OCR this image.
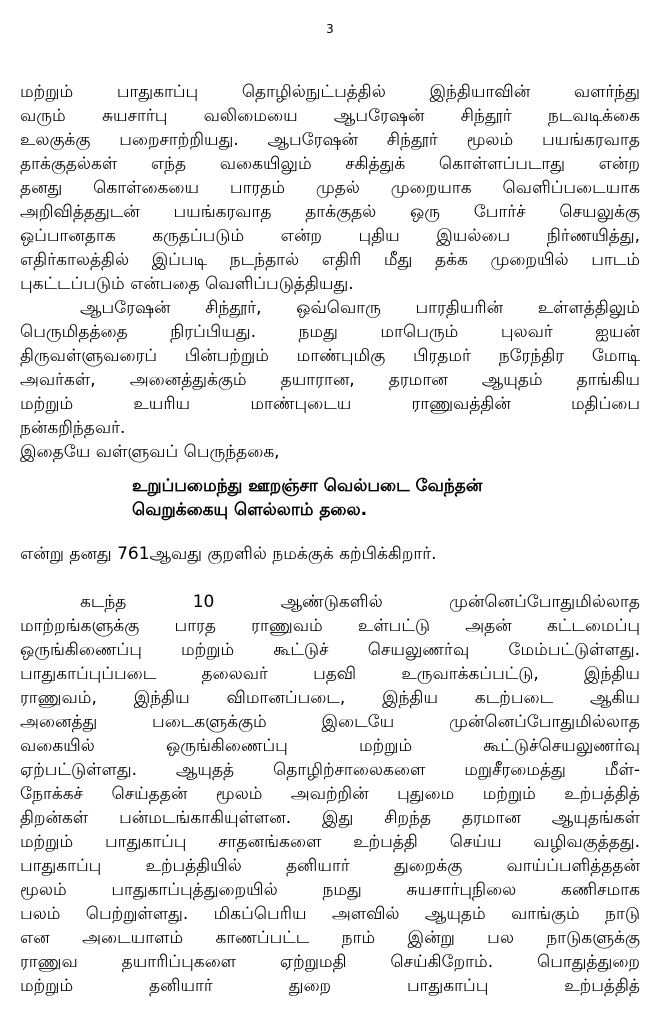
3
மற்றும் பாதுகாப்பு தொழில்நுட்பத்தில் இந்தியாவின் வளர்ந்து
வரும் சுயசார்பு வலிமையை ஆபரேஷன் சிந்தூர் நடவடிக்கை
உலகுக்கு பறைசாற்றியது. ஆபரேஷன் சிந்தூர் மூலம் பயங்கரவாத
தாக்குதல்கள் எந்த வகையிலும் சகித்துக் கொள்ளப்படாது என்ற
தனது கொள்கையை பாரதம் முதல் முறையாக வெளிப்படையாக
அறிவித்ததுடன் பயங்கரவாத தாக்குதல் ஒரு போர்ச் செயலுக்கு
ஒப்பானதாக கருதப்படும் என்ற புதிய இயல்பை நிர்ணயித்து,
எதிர்காலத்தில் இப்படி நடந்தால் எதிரி மீது தக்க முறையில் பாடம்
புகட்டப்படும் என்பதை வெளிப்படுத்தியது.
ஆபரேஷன் சிந்தூர், ஒவ்வொரு பாரதியரின் உள்ளத்திலும்
பெருமிதத்தை நிரப்பியது. நமது மாபெரும் புலவர் ஐயன்
திருவள்ளுவரைப் பின்பற்றும் மாண்புமிகு பிரதமர் நரேந்திர மோடி
அவர்கள், அனைத்துக்கும் தயாரான, தரமான ஆயுதம் தாங்கிய
மற்றும் உயரிய மாண்புடைய ராணுவத்தின் மதிப்பை
நன்கறிந்தவர்.
இதையே வள்ளுவப் பெருந்தகை,
உறுப்பமைந்து ஊறஞ்சா வெல்படை வேந்தன்
வெறுக்கையு ளெல்லாம் தலை.
என்று தனது 761ஆவது குறளில் நமக்குக் கற்பிக்கிறார்.
கடந்த 10 ஆண்டுகளில் முன்னெப்போதுமில்லாத
மாற்றங்களுக்கு பாரத ராணுவம் உள்பட்டு அதன் கட்டமைப்பு
ஒருங்கிணைப்பு மற்றும் கூட்டுச் செயலுணர்வு மேம்பட்டுள்ளது.
பாதுகாப்புப்படை தலைவர் பதவி உருவாக்கப்பட்டு, இந்திய
ராணுவம், இந்திய விமானப்படை, இந்திய கடற்படை ஆகிய
அனைத்து படைகளுக்கும் இடையே முன்னெப்போதுமில்லாத
வகையில் ஒருங்கிணைப்பு மற்றும் கூட்டுச்செயலுணர்வு
ஏற்பட்டுள்ளது. ஆயுதத் தொழிற்சாலைகளை மறுசீரமைத்து மீள்-
நோக்கச் செய்ததன் மூலம் அவற்றின் புதுமை மற்றும் உற்பத்தித்
திறன்கள் பன்மடங்காகியுள்ளன. இது சிறந்த தரமான ஆயுதங்கள்
மற்றும் பாதுகாப்பு சாதனங்களை உற்பத்தி செய்ய வழிவகுத்தது.
பாதுகாப்பு உற்பத்தியில் தனியார் துறைக்கு வாய்ப்பளித்ததன்
மூலம் பாதுகாப்புத்துறையில் நமது சுயசார்புநிலை கணிசமாக
பலம் பெற்றுள்ளது. மிகப்பெரிய அளவில் ஆயுதம் வாங்கும் நாடு
என அடையாளம் காணப்பட்ட நாம் இன்று பல நாடுகளுக்கு
ராணுவ தயாரிப்புகளை ஏற்றுமதி செய்கிறோம். பொதுத்துறை
மற்றும் தனியார் துறை பாதுகாப்பு உற்பத்தித்
